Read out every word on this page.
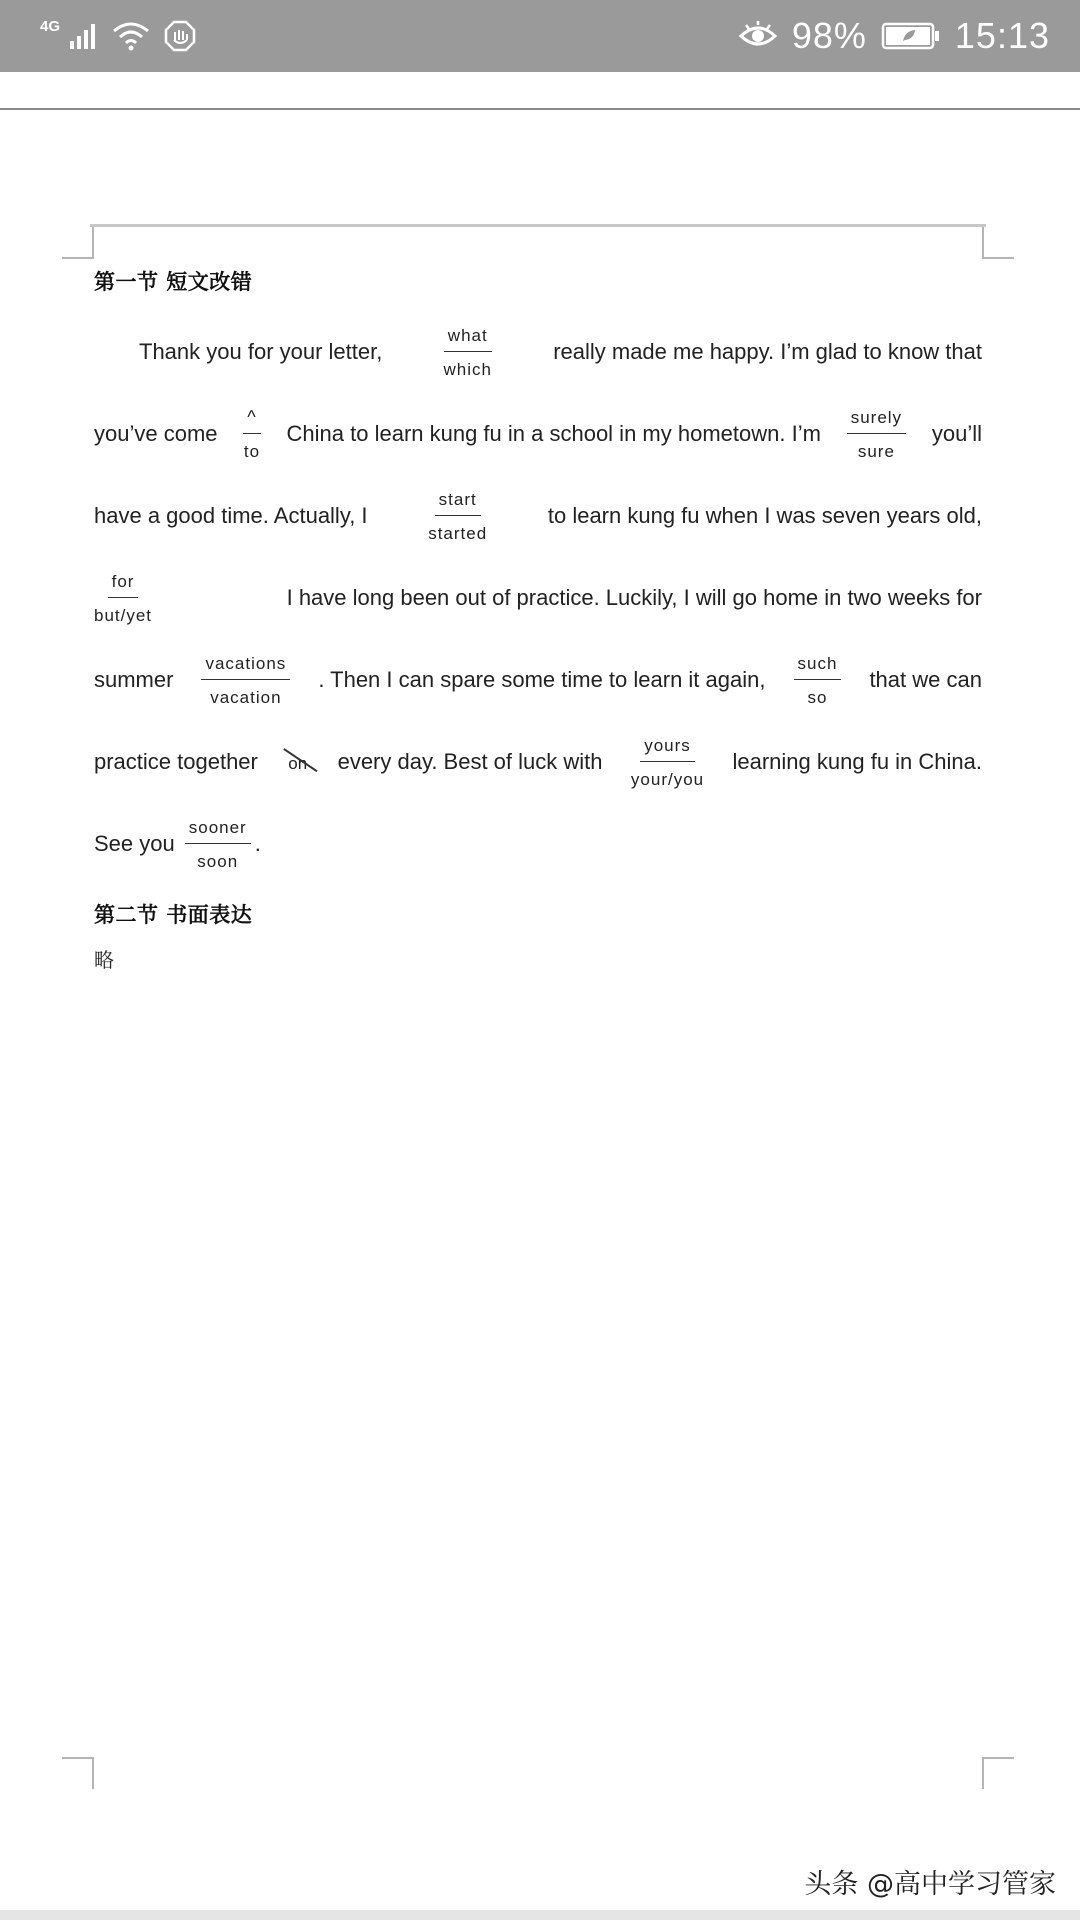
4G	98% 15:13
第一节 短文改错
Thank you for your letter,	$\frac{\text{what}}{\text{which}}$	really made me happy. I’m glad to know that
you’ve come $\frac{\^{}}{to}$ China to learn kung fu in a school in my hometown. I’m $\frac{\text{surely}}{\text{sure}}$ you’ll
have a good time. Actually, I	$\frac{\text{start}}{\text{started}}$	to learn kung fu when I was seven years old,
$\frac{\text{for}}{\text{but/yet}}$	I have long been out of practice. Luckily, I will go home in two weeks for
summer $\frac{\text{vacations}}{\text{vacation}}$ . Then I can spare some time to learn it again, $\frac{\text{such}}{so}$ that we can
practice together on every day. Best of luck with $\frac{\text{yours}}{\text{your/you}}$ learning kung fu in China.
See you $\frac{\text{sooner}}{\text{soon}}$ .
第二节 书面表达
略
头条 @高中学习管家
